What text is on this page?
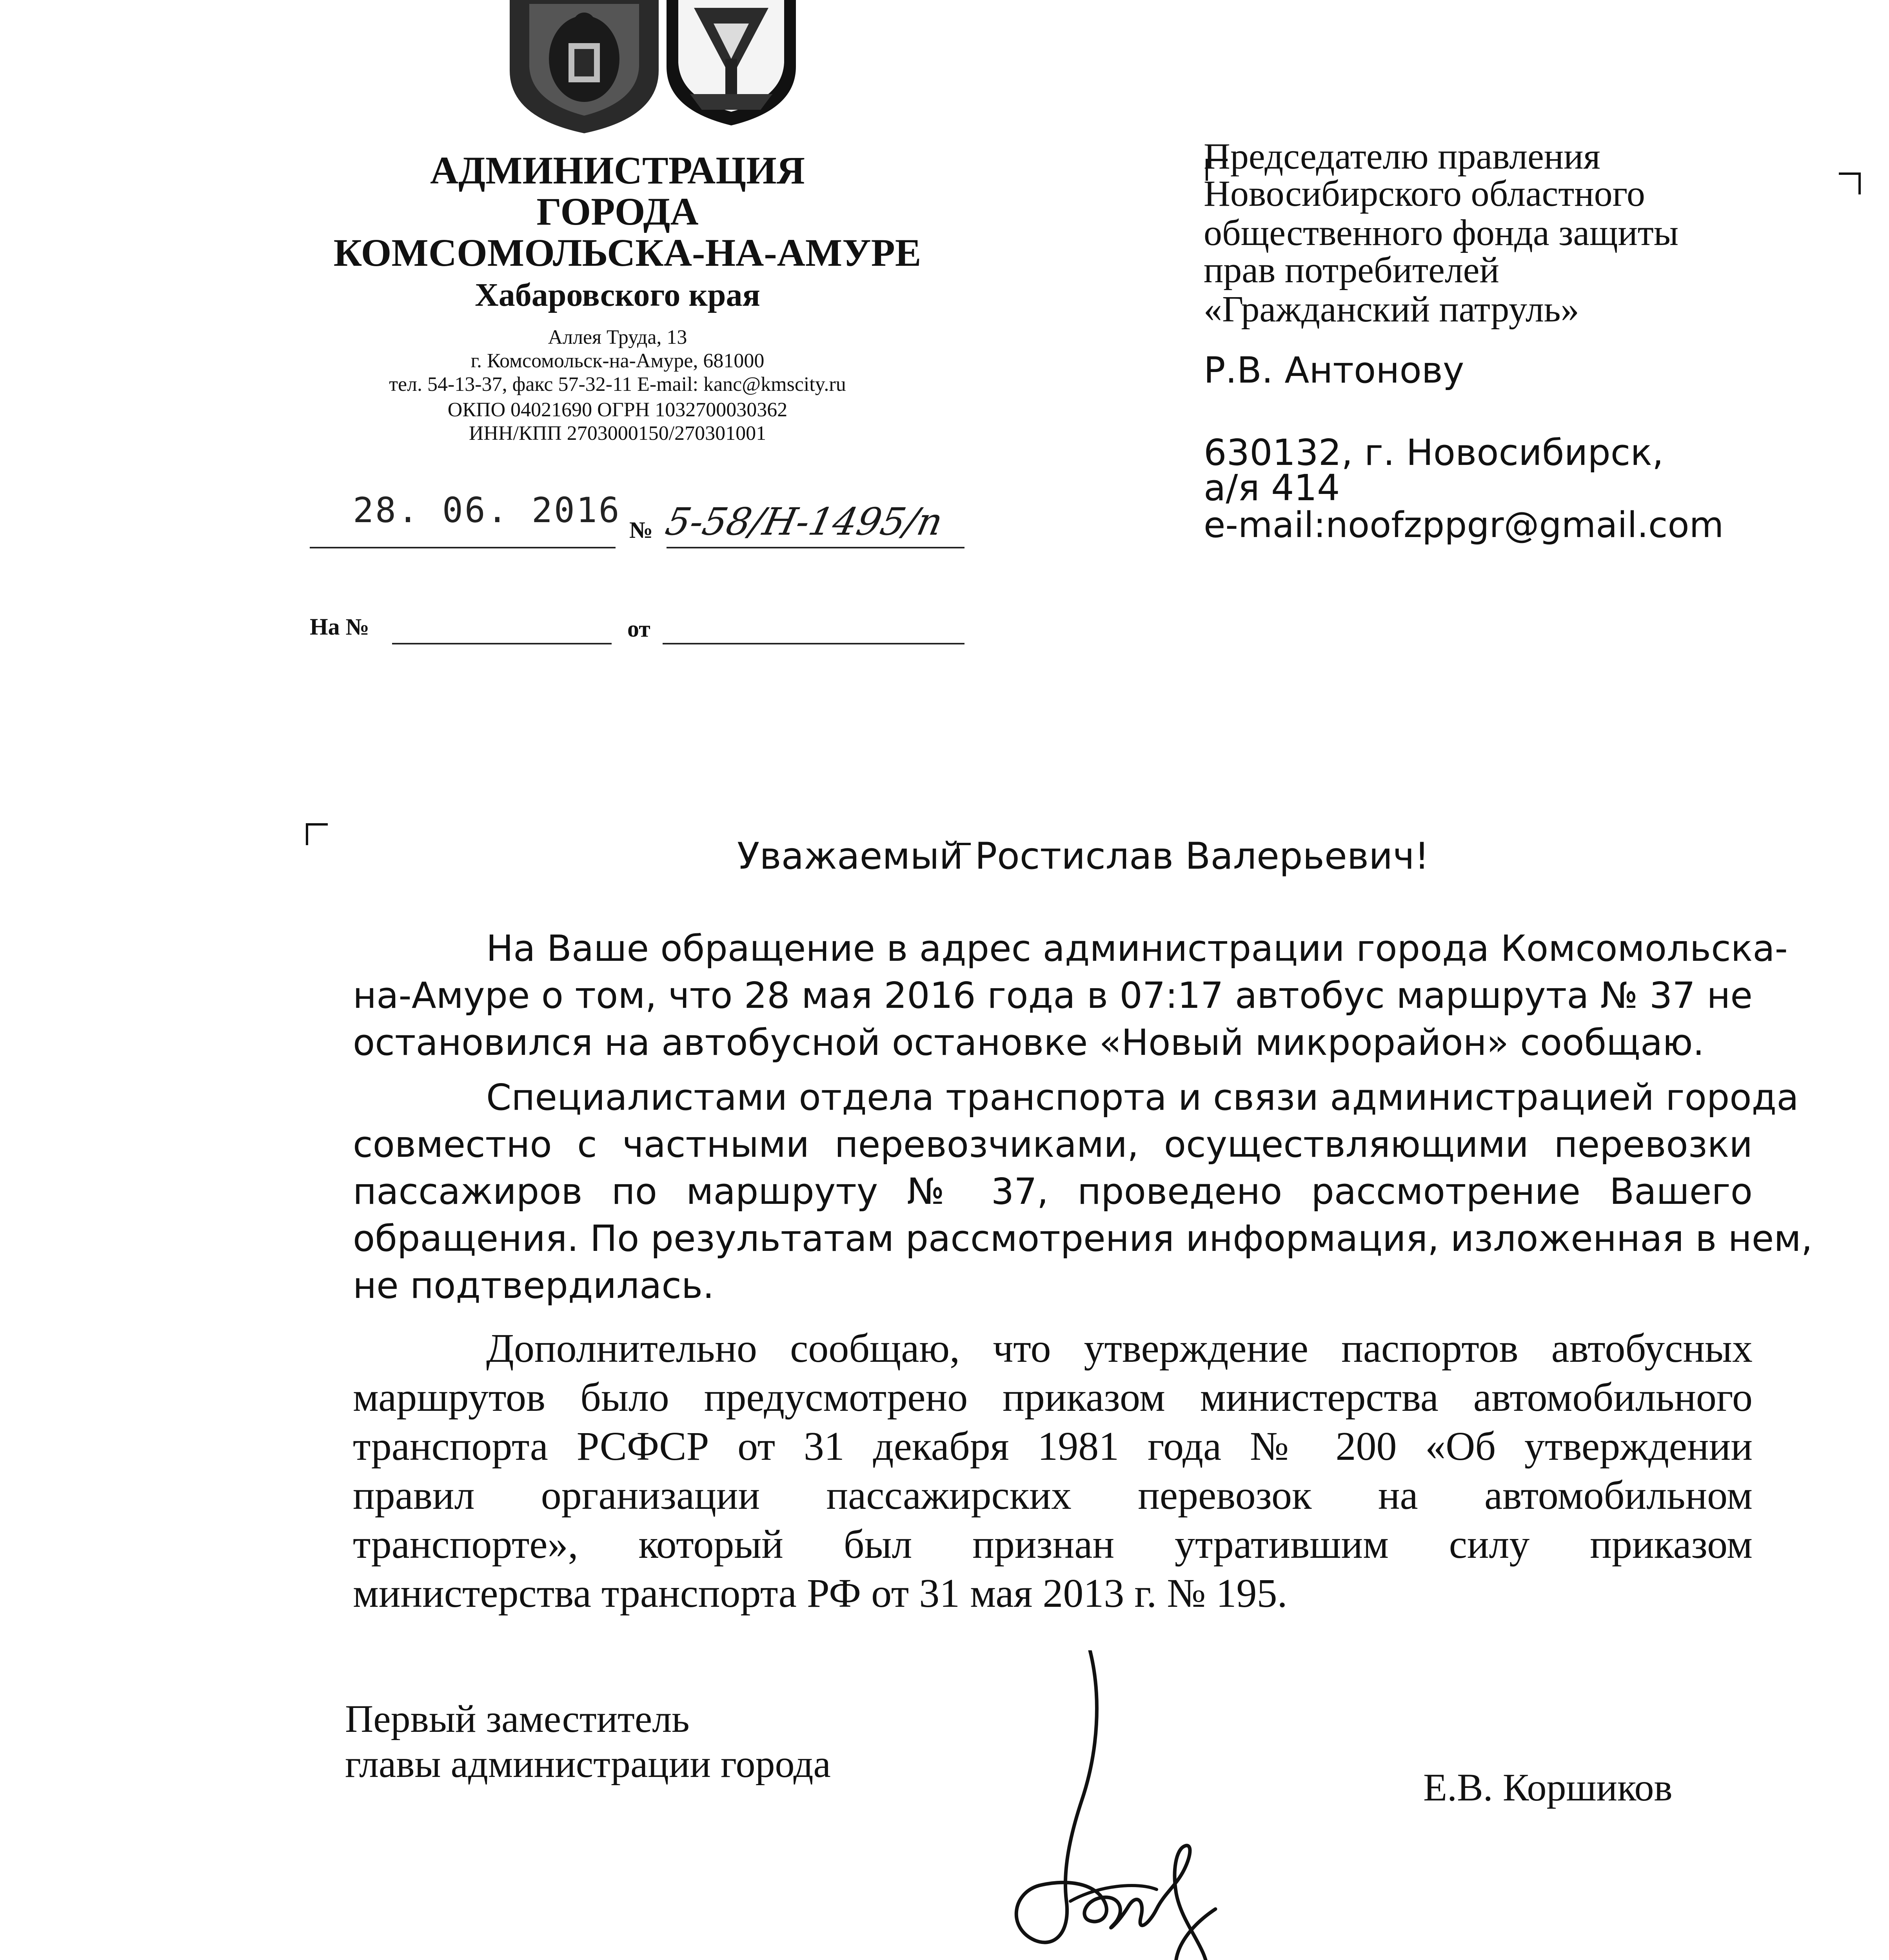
АДМИНИСТРАЦИЯ
ГОРОДА
КОМСОМОЛЬСКА-НА-АМУРЕ
Хабаровского края
Аллея Труда, 13
г. Комсомольск-на-Амуре, 681000
тел. 54-13-37, факс 57-32-11 E-mail: kanc@kmscity.ru
ОКПО 04021690 ОГРН 1032700030362
ИНН/КПП 2703000150/270301001
28. 06. 2016 № 5-58/Н-1495/п
На №	от
Председателю правления
Новосибирского областного
общественного фонда защиты
прав потребителей
«Гражданский патруль»
Р.В. Антонову
630132, г. Новосибирск,
а/я 414
e-mail:noofzppgr@gmail.com
Уважаемый Ростислав Валерьевич!
На Ваше обращение в адрес администрации города Комсомольска-
на-Амуре о том, что 28 мая 2016 года в 07:17 автобус маршрута № 37 не
остановился на автобусной остановке «Новый микрорайон» сообщаю.
Специалистами отдела транспорта и связи администрацией города
совместно с частными перевозчиками, осуществляющими перевозки
пассажиров по маршруту № 37, проведено рассмотрение Вашего
обращения. По результатам рассмотрения информация, изложенная в нем,
не подтвердилась.
Дополнительно сообщаю, что утверждение паспортов автобусных
маршрутов было предусмотрено приказом министерства автомобильного
транспорта РСФСР от 31 декабря 1981 года № 200 «Об утверждении
правил организации пассажирских перевозок на автомобильном
транспорте», который был признан утратившим силу приказом
министерства транспорта РФ от 31 мая 2013 г. № 195.
Первый заместитель
главы администрации города
Е.В. Коршиков
